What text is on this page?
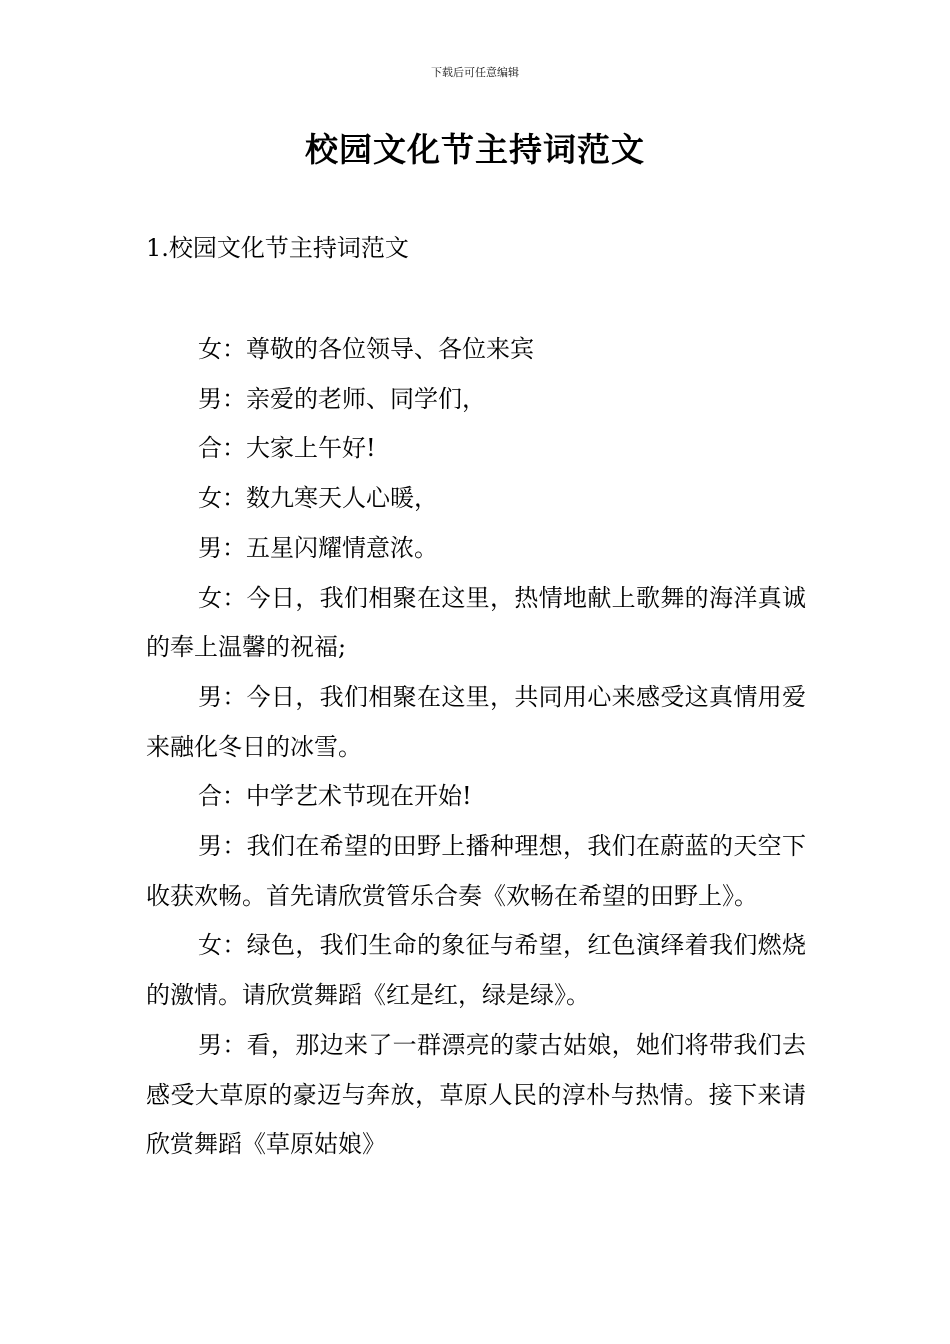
下载后可任意编辑
校园文化节主持词范文
1.校园文化节主持词范文

女：尊敬的各位领导、各位来宾

男：亲爱的老师、同学们，

合：大家上午好!

女：数九寒天人心暖，

男：五星闪耀情意浓。

女：今日，我们相聚在这里，热情地献上歌舞的海洋真诚的奉上温馨的祝福;

男：今日，我们相聚在这里，共同用心来感受这真情用爱来融化冬日的冰雪。

合：中学艺术节现在开始!

男：我们在希望的田野上播种理想，我们在蔚蓝的天空下收获欢畅。首先请欣赏管乐合奏《欢畅在希望的田野上》。

女：绿色，我们生命的象征与希望，红色演绎着我们燃烧的激情。请欣赏舞蹈《红是红，绿是绿》。

男：看，那边来了一群漂亮的蒙古姑娘，她们将带我们去感受大草原的豪迈与奔放，草原人民的淳朴与热情。接下来请欣赏舞蹈《草原姑娘》
